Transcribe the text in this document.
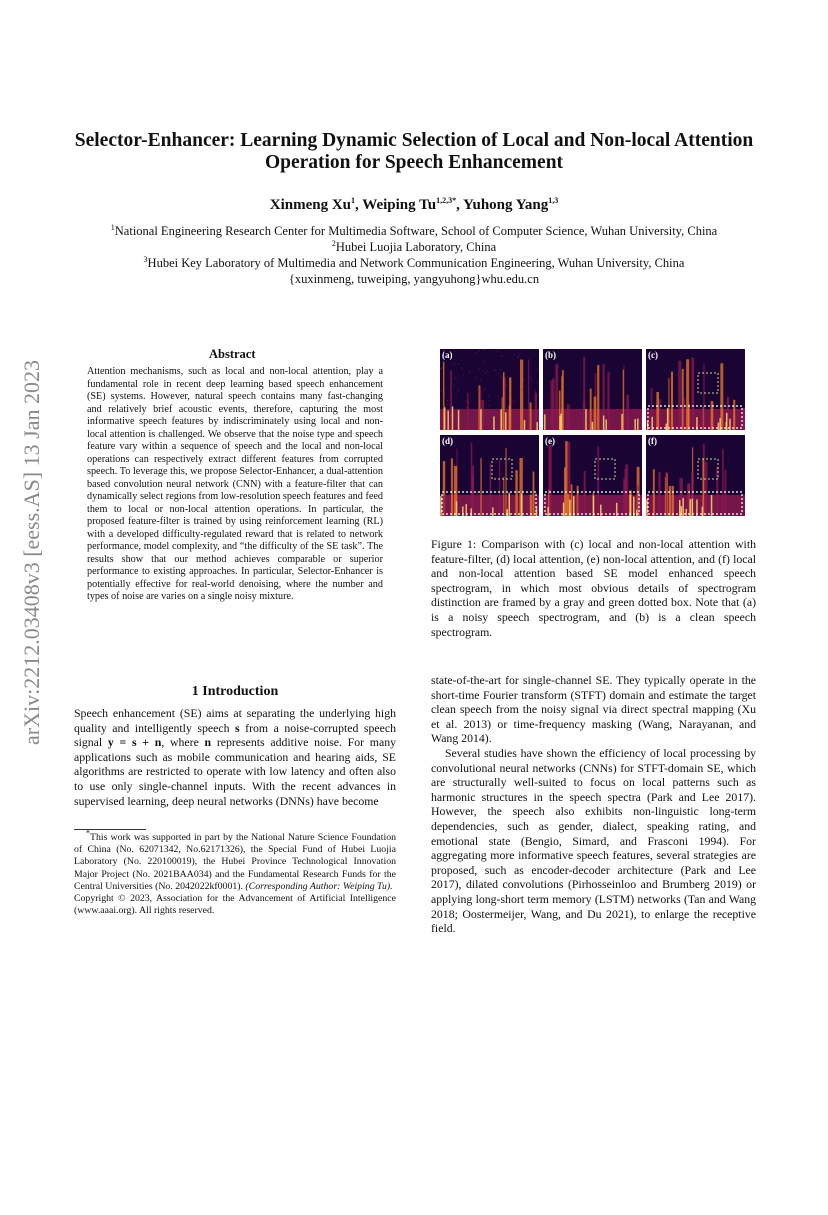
Selector-Enhancer: Learning Dynamic Selection of Local and Non-local Attention Operation for Speech Enhancement
Xinmeng Xu$^1$, Weiping $Tu^{1,2,3*}$, Yuhong Yang$^{1,3}$
$^1$National Engineering Research Center for Multimedia Software, School of Computer Science, Wuhan University, China
$^2$Hubei Luojia Laboratory, China
$^3$Hubei Key Laboratory of Multimedia and Network Communication Engineering, Wuhan University, China
{xuxinmeng, tuweiping, yangyuhong}whu.edu.cn
arXiv:2212.03408v3 [eess.AS] 13 Jan 2023
Abstract
Attention mechanisms, such as local and non-local attention, play a fundamental role in recent deep learning based speech enhancement (SE) systems. However, natural speech contains many fast-changing and relatively brief acoustic events, therefore, capturing the most informative speech features by indiscriminately using local and non-local attention is challenged. We observe that the noise type and speech feature vary within a sequence of speech and the local and non-local operations can respectively extract different features from corrupted speech. To leverage this, we propose Selector-Enhancer, a dual-attention based convolution neural network (CNN) with a feature-filter that can dynamically select regions from low-resolution speech features and feed them to local or non-local attention operations. In particular, the proposed feature-filter is trained by using reinforcement learning (RL) with a developed difficulty-regulated reward that is related to network performance, model complexity, and “the difficulty of the SE task”. The results show that our method achieves comparable or superior performance to existing approaches. In particular, Selector-Enhancer is potentially effective for real-world denoising, where the number and types of noise are varies on a single noisy mixture.
1 Introduction
Speech enhancement (SE) aims at separating the underlying high quality and intelligently speech s from a noise-corrupted speech signal y = s + n, where n represents additive noise. For many applications such as mobile communication and hearing aids, SE algorithms are restricted to operate with low latency and often also to use only single-channel inputs. With the recent advances in supervised learning, deep neural networks (DNNs) have become
*This work was supported in part by the National Nature Science Foundation of China (No. 62071342, No.62171326), the Special Fund of Hubei Luojia Laboratory (No. 220100019), the Hubei Province Technological Innovation Major Project (No. 2021BAA034) and the Fundamental Research Funds for the Central Universities (No. 2042022kf0001). (Corresponding Author: Weiping Tu).
Copyright © 2023, Association for the Advancement of Artificial Intelligence (www.aaai.org). All rights reserved.
(a)	(b)	(c)
(d)	(e)	(f)
Figure 1: Comparison with (c) local and non-local attention with feature-filter, (d) local attention, (e) non-local attention, and (f) local and non-local attention based SE model enhanced speech spectrogram, in which most obvious details of spectrogram distinction are framed by a gray and green dotted box. Note that (a) is a noisy speech spectrogram, and (b) is a clean speech spectrogram.

state-of-the-art for single-channel SE. They typically operate in the short-time Fourier transform (STFT) domain and estimate the target clean speech from the noisy signal via direct spectral mapping (Xu et al. 2013) or time-frequency masking (Wang, Narayanan, and Wang 2014).

Several studies have shown the efficiency of local processing by convolutional neural networks (CNNs) for STFT-domain SE, which are structurally well-suited to focus on local patterns such as harmonic structures in the speech spectra (Park and Lee 2017). However, the speech also exhibits non-linguistic long-term dependencies, such as gender, dialect, speaking rating, and emotional state (Bengio, Simard, and Frasconi 1994). For aggregating more informative speech features, several strategies are proposed, such as encoder-decoder architecture (Park and Lee 2017), dilated convolutions (Pirhosseinloo and Brumberg 2019) or applying long-short term memory (LSTM) networks (Tan and Wang 2018; Oostermeijer, Wang, and Du 2021), to enlarge the receptive field.
